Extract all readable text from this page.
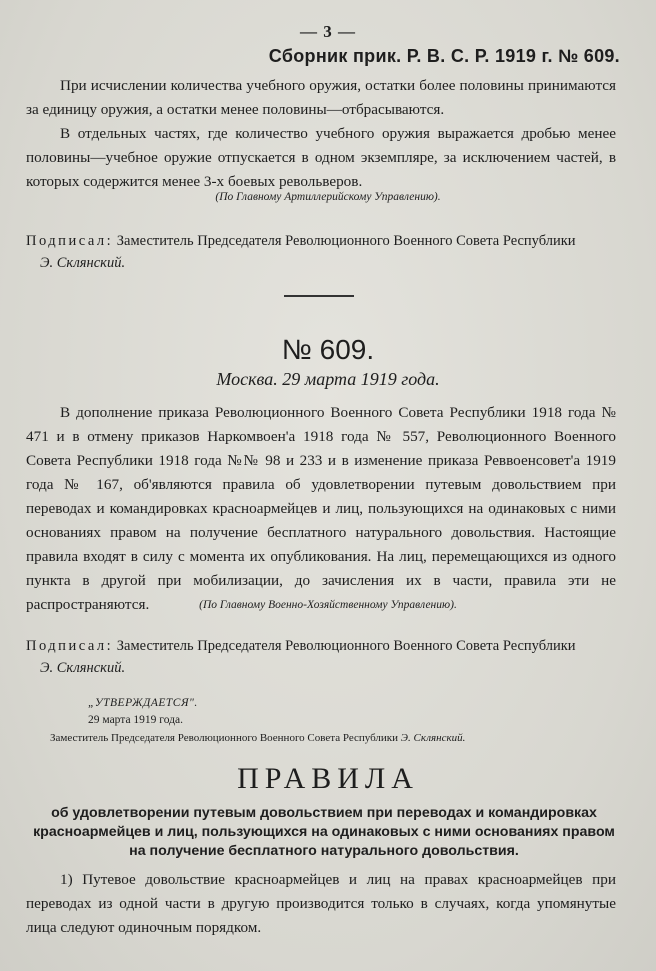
— 3 —
Сборник прик. Р. В. С. Р. 1919 г. № 609.

При исчислении количества учебного оружия, остатки более половины принимаются за единицу оружия, а остатки менее половины—отбрасываются.

В отдельных частях, где количество учебного оружия выражается дробью менее половины—учебное оружие отпускается в одном экземпляре, за исключением частей, в которых содержится менее 3-х боевых револьверов.

(По Главному Артиллерийскому Управлению).
Подписал: Заместитель Председателя Революционного Военного Совета Республики
Э. Склянский.
№ 609.
Москва. 29 марта 1919 года.

В дополнение приказа Революционного Военного Совета Республики 1918 года № 471 и в отмену приказов Наркомвоен'а 1918 года № 557, Революционного Военного Совета Республики 1918 года №№ 98 и 233 и в изменение приказа Реввоенсовет'а 1919 года № 167, об'являются правила об удовлетворении путевым довольствием при переводах и командировках красноармейцев и лиц, пользующихся на одинаковых с ними основаниях правом на получение бесплатного натурального довольствия. Настоящие правила входят в силу с момента их опубликования. На лиц, перемещающихся из одного пункта в другой при мобилизации, до зачисления их в части, правила эти не распространяются.	(По Главному Военно-Хозяйственному Управлению).
Подписал: Заместитель Председателя Революционного Военного Совета Республики
Э. Склянский.
„УТВЕРЖДАЕТСЯ".
29 марта 1919 года.
Заместитель Председателя Революционного Военного Совета Республики Э. Склянский.
ПРАВИЛА
об удовлетворении путевым довольствием при переводах и командировках красноармейцев и лиц, пользующихся на одинаковых с ними основаниях правом на получение бесплатного натурального довольствия.

1) Путевое довольствие красноармейцев и лиц на правах красноармейцев при переводах из одной части в другую производится только в случаях, когда упомянутые лица следуют одиночным порядком.
